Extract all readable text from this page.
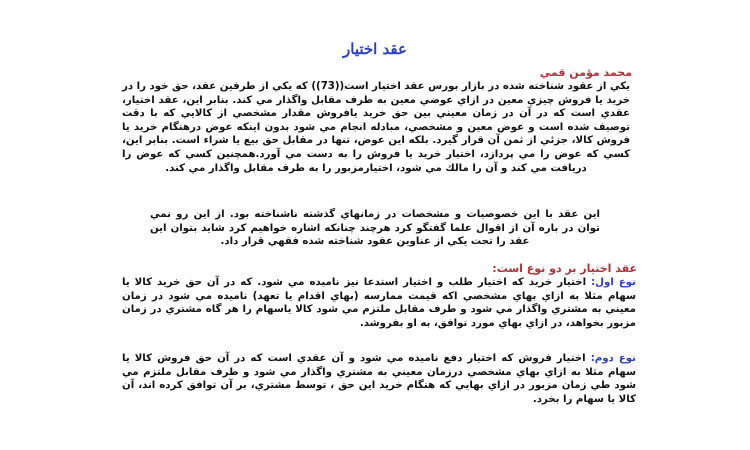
عقد اختيار
محمد مؤمن قمي
يكي از عقود شناخته شده در بازار بورس عقد اختيار است((73)) كه يكي از طرفين عقد، حق خود را در خريد يا فروش چيزي معين در ازاي عوضي معين به طرف مقابل واگذار مي كند. بنابر اين، عقد اختيار، عقدي است كه در آن در زمان معيني بين حق خريد يافروش مقدار مشخصي از كالايي كه با دقت توصيف شده است و عوض معين و مشخصي، مبادله انجام مي شود بدون اينكه عوض درهنگام خريد يا فروش كالا، جزئي از ثمن آن قرار گيرد. بلكه اين عوض، تنها در مقابل حق بيع يا شراء است. بنابر اين، كسي كه عوض را مي پردازد، اختيار خريد يا فروش را به دست مي آورد.همچنين كسي كه عوض را دريافت مي كند و آن را مالك مي شود، اختيارمزبور را به طرف مقابل واگذار مي كند.
اين عقد با اين خصوصيات و مشخصات در زمانهاي گذشته ناشناخته بود. از اين رو نمي توان در باره آن از اقوال علما گفتگو كرد هرچند چنانكه اشاره خواهيم كرد شايد بتوان اين عقد را تحت يكي از عناوين عقود شناخته شده فقهي قرار داد.
عقد اختيار بر دو نوع است:
نوع اول: اختيار خريد كه اختيار طلب و اختيار استدعا نيز ناميده مي شود. كه در آن حق خريد كالا يا سهام مثلا به ازاي بهاي مشخصي اكه قيمت ممارسه (بهاي اقدام يا تعهد) ناميده مي شود در زمان معيني به مشتري واگذار مي شود و طرف مقابل ملتزم مي شود كالا ياسهام را هر گاه مشتري در زمان مزبور بخواهد، در ازاي بهاي مورد توافق، به او بفروشد.
نوع دوم: اختيار فروش كه اختيار دفع ناميده مي شود و آن عقدي است كه در آن حق فروش كالا يا سهام مثلا به ازاي بهاي مشخصي درزمان معيني به مشتري واگذار مي شود و طرف مقابل ملتزم مي شود طي زمان مزبور در ازاي بهايي كه هنگام خريد اين حق ، توسط مشتري، بر آن توافق كرده اند، آن كالا يا سهام را بخرد.
